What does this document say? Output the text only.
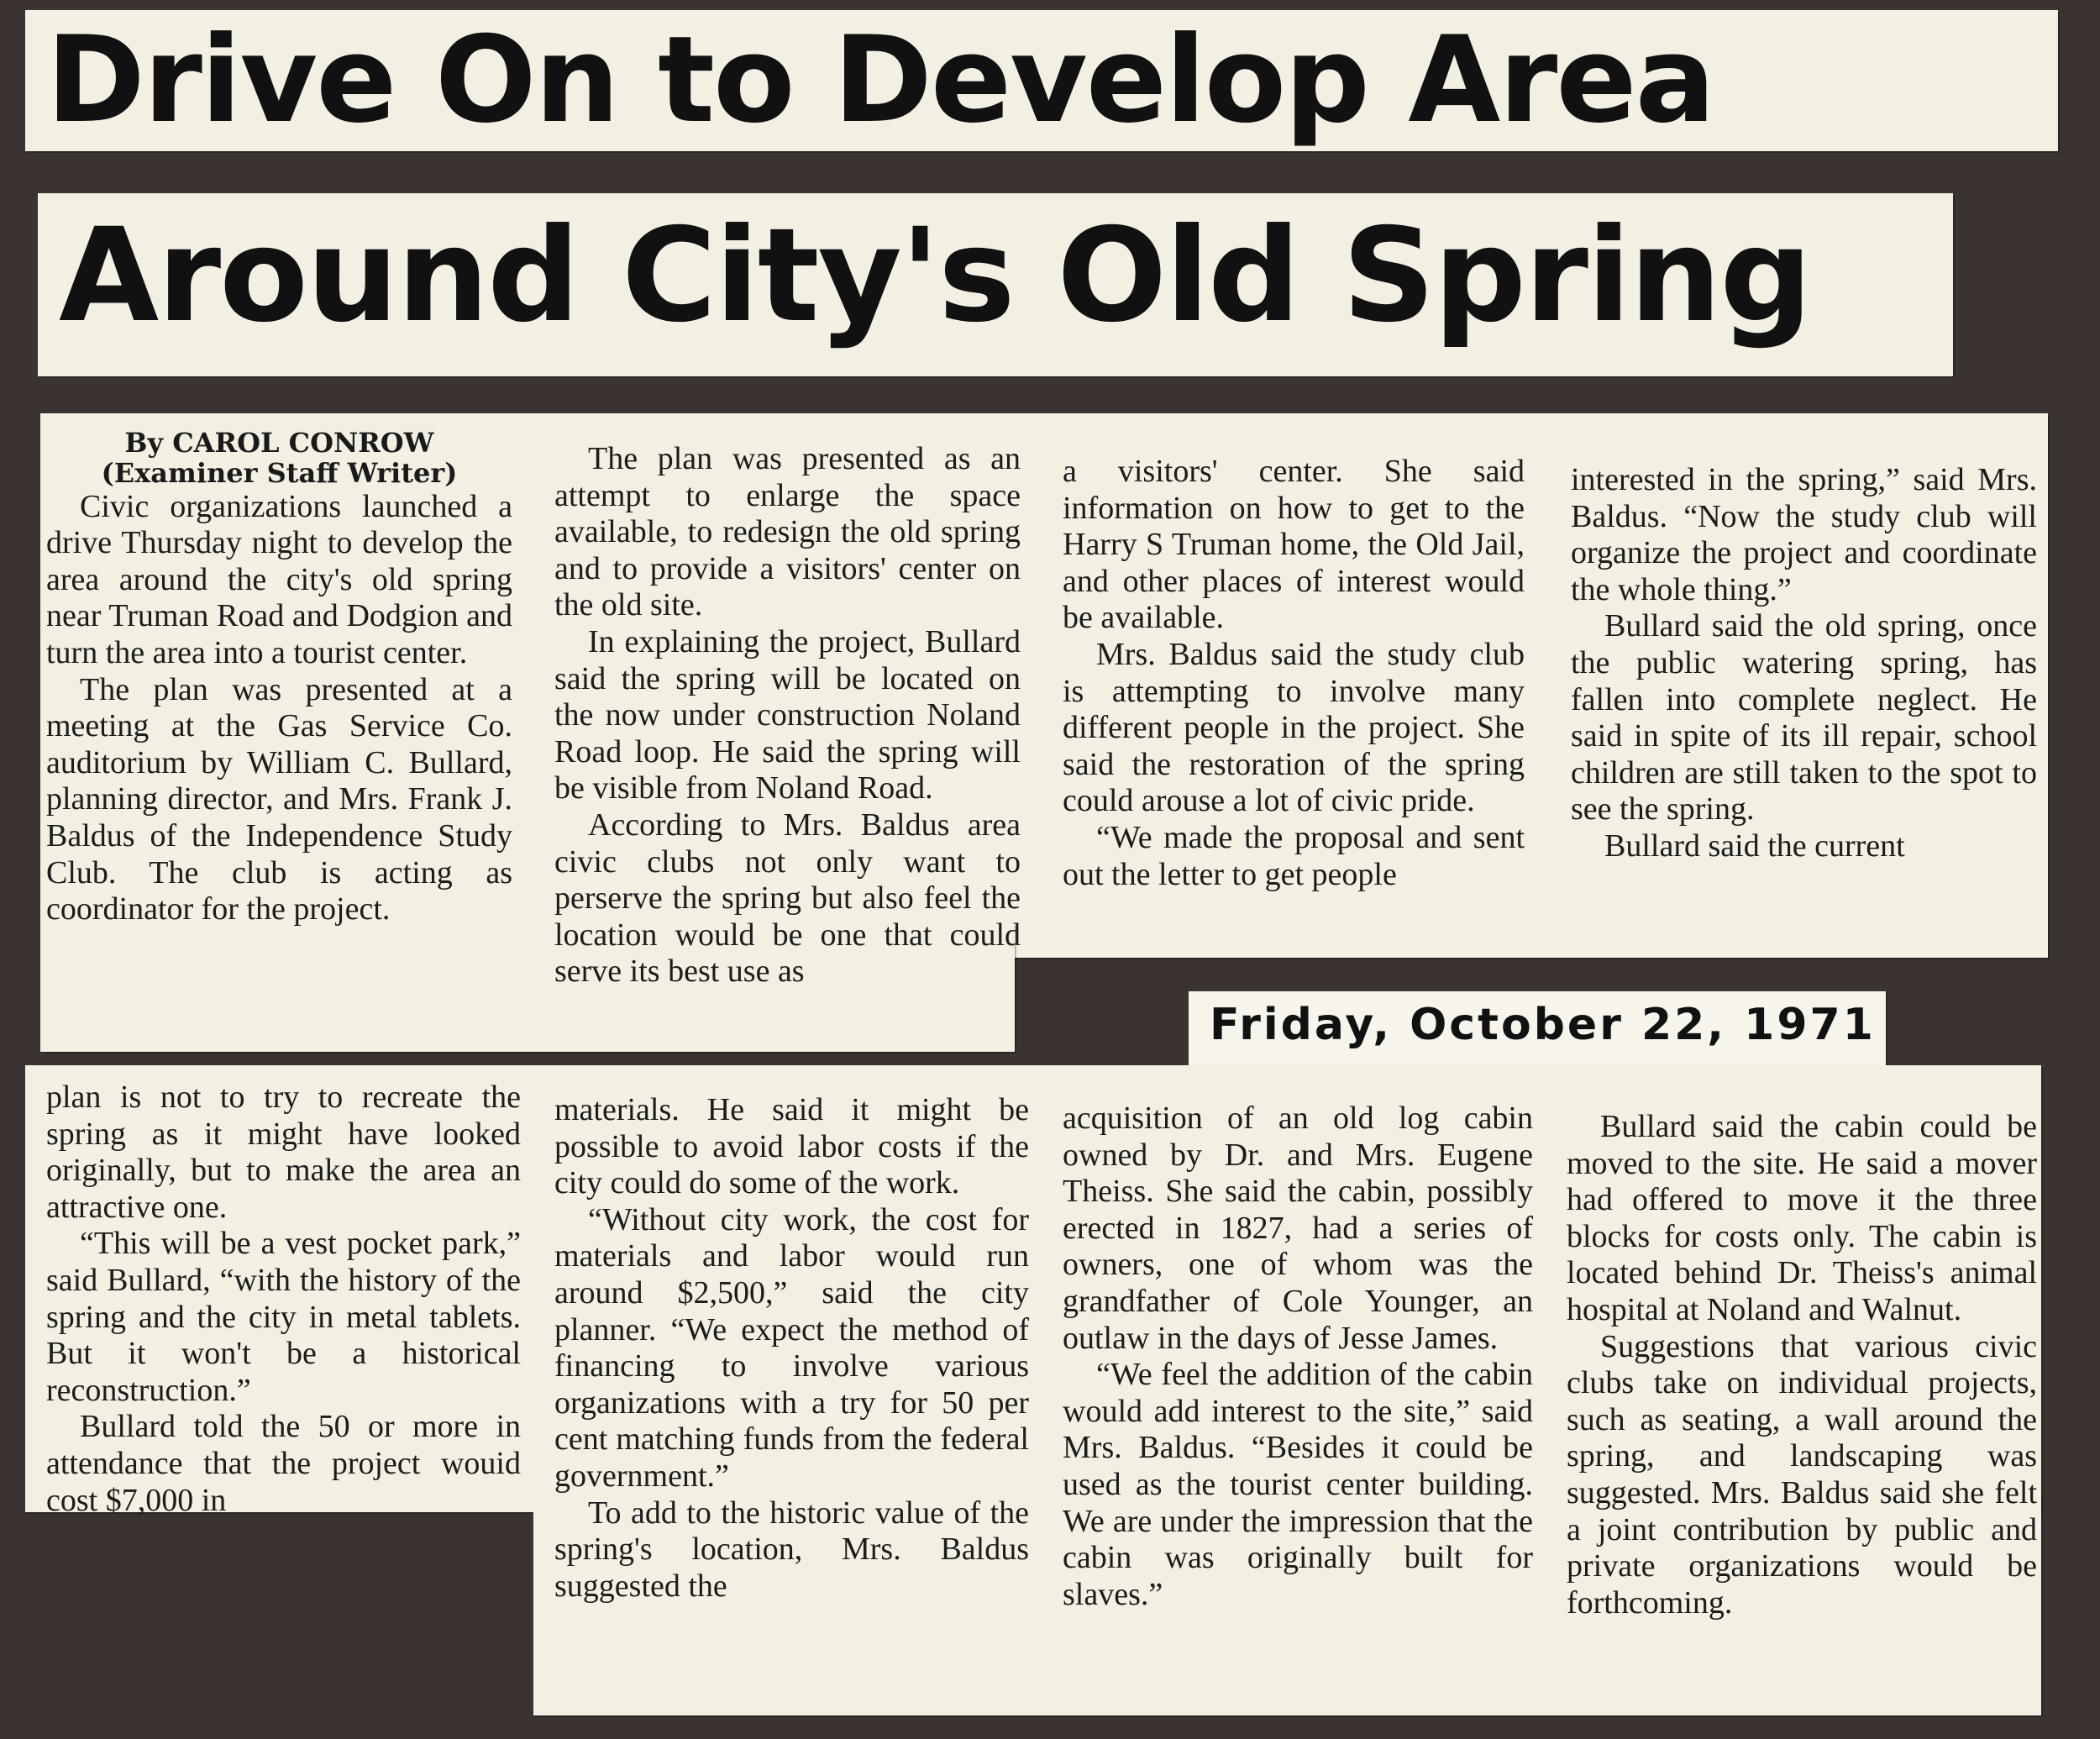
Drive On to Develop Area
Around City's Old Spring
Friday, October 22, 1971
By CAROL CONROW
(Examiner Staff Writer)

Civic organizations launched a drive Thursday night to develop the area around the city's old spring near Truman Road and Dodgion and turn the area into a tourist center.

The plan was presented at a meeting at the Gas Service Co. auditorium by William C. Bullard, planning director, and Mrs. Frank J. Baldus of the Independence Study Club. The club is acting as coordinator for the project.

The plan was presented as an attempt to enlarge the space available, to redesign the old spring and to provide a visitors' center on the old site.

In explaining the project, Bullard said the spring will be located on the now under construction Noland Road loop. He said the spring will be visible from Noland Road.

According to Mrs. Baldus area civic clubs not only want to perserve the spring but also feel the location would be one that could serve its best use as

a visitors' center. She said information on how to get to the Harry S Truman home, the Old Jail, and other places of interest would be available.

Mrs. Baldus said the study club is attempting to involve many different people in the project. She said the restoration of the spring could arouse a lot of civic pride.

“We made the proposal and sent out the letter to get people

interested in the spring,” said Mrs. Baldus. “Now the study club will organize the project and coordinate the whole thing.”

Bullard said the old spring, once the public watering spring, has fallen into complete neglect. He said in spite of its ill repair, school children are still taken to the spot to see the spring.

Bullard said the current

plan is not to try to recreate the spring as it might have looked originally, but to make the area an attractive one.

“This will be a vest pocket park,” said Bullard, “with the history of the spring and the city in metal tablets. But it won't be a historical reconstruction.”

Bullard told the 50 or more in attendance that the project wouid cost $7,000 in

materials. He said it might be possible to avoid labor costs if the city could do some of the work.

“Without city work, the cost for materials and labor would run around $2,500,” said the city planner. “We expect the method of financing to involve various organizations with a try for 50 per cent matching funds from the federal government.”

To add to the historic value of the spring's location, Mrs. Baldus suggested the

acquisition of an old log cabin owned by Dr. and Mrs. Eugene Theiss. She said the cabin, possibly erected in 1827, had a series of owners, one of whom was the grandfather of Cole Younger, an outlaw in the days of Jesse James.

“We feel the addition of the cabin would add interest to the site,” said Mrs. Baldus. “Besides it could be used as the tourist center building. We are under the impression that the cabin was originally built for slaves.”

Bullard said the cabin could be moved to the site. He said a mover had offered to move it the three blocks for costs only. The cabin is located behind Dr. Theiss's animal hospital at Noland and Walnut.

Suggestions that various civic clubs take on individual projects, such as seating, a wall around the spring, and landscaping was suggested. Mrs. Baldus said she felt a joint contribution by public and private organizations would be forthcoming.
